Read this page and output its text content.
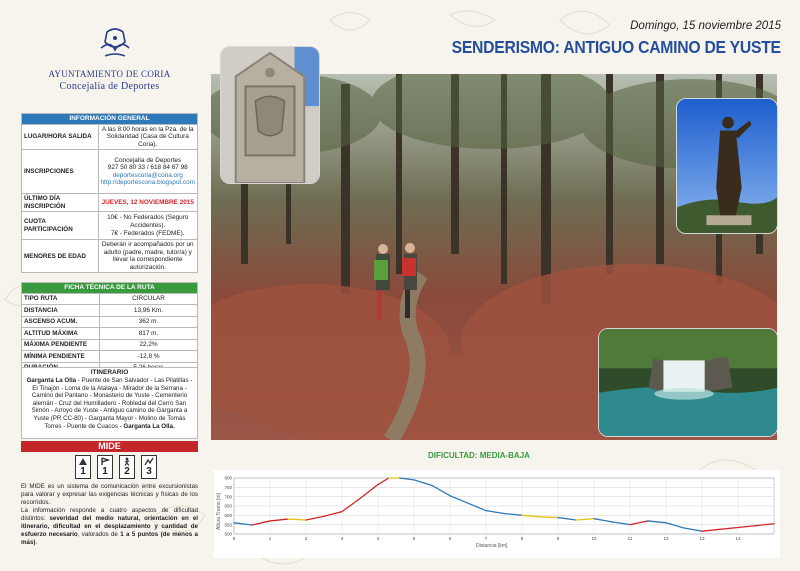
AYUNTAMIENTO DE CORIA
Concejalía de Deportes
INFORMACIÓN GENERAL	
LUGAR/HORA SALIDA	A las 8:00 horas en la Pza. de la Solidaridad (Casa de Cultura Coria).
INSCRIPCIONES	Concejalía de Deportes
927 50 80 33 / 618 84 67 98
deportescoria@coria.org
http://deportescoria.blogspot.com

ÚLTIMO DÍA INSCRIPCIÓN	JUEVES, 12 NOVIEMBRE 2015
CUOTA PARTICIPACIÓN	10€ - No Federados (Seguro Accidentes).
7€ - Federados (FEDME).

MENORES DE EDAD	Deberán ir acompañados por un adulto (padre, madre, tutor/a) y llevar la correspondiente autorización.
FICHA TÉCNICA DE LA RUTA	
TIPO RUTA	CIRCULAR
DISTANCIA	13,96 Km.
ASCENSO ACUM.	362 m.
ALTITUD MÁXIMA	817 m.
MÁXIMA PENDIENTE	22,2%
MÍNIMA PENDIENTE	-12,8 %

ITINERARIO
Garganta La Olla - Puente de San Salvador - Las Pilatillas - El Tinajón - Loma de la Atalaya - Mirador de la Serrana - Camino del Pantano - Monasterio de Yuste - Cementerio alemán - Cruz del Humilladero - Robledal del Cerro San Simón - Arroyo de Yuste - Antiguo camino de Garganta a Yuste (PR CC-80) - Garganta Mayor - Molino de Tomás Torres - Puente de Cuacos - Garganta La Olla.
MIDE
1 1 2 3
El MIDE es un sistema de comunicación entre excursionistas para valorar y expresar las exigencias técnicas y físicas de los recorridos.
La información responde a cuatro aspectos de dificultad distintos: severidad del medio natural, orientación en el itinerario, dificultad en el desplazamiento y cantidad de esfuerzo necesario, valorados de 1 a 5 puntos (de menos a más).
Domingo, 15 noviembre 2015
SENDERISMO: ANTIGUO CAMINO DE YUSTE
DIFICULTAD: MEDIA-BAJA
800
750
700
650
600
550
500
0	1	2	3	4	5	6	7	8	9	10	11	12	13	14
Altura Tramo [m]
Distancia [km]
